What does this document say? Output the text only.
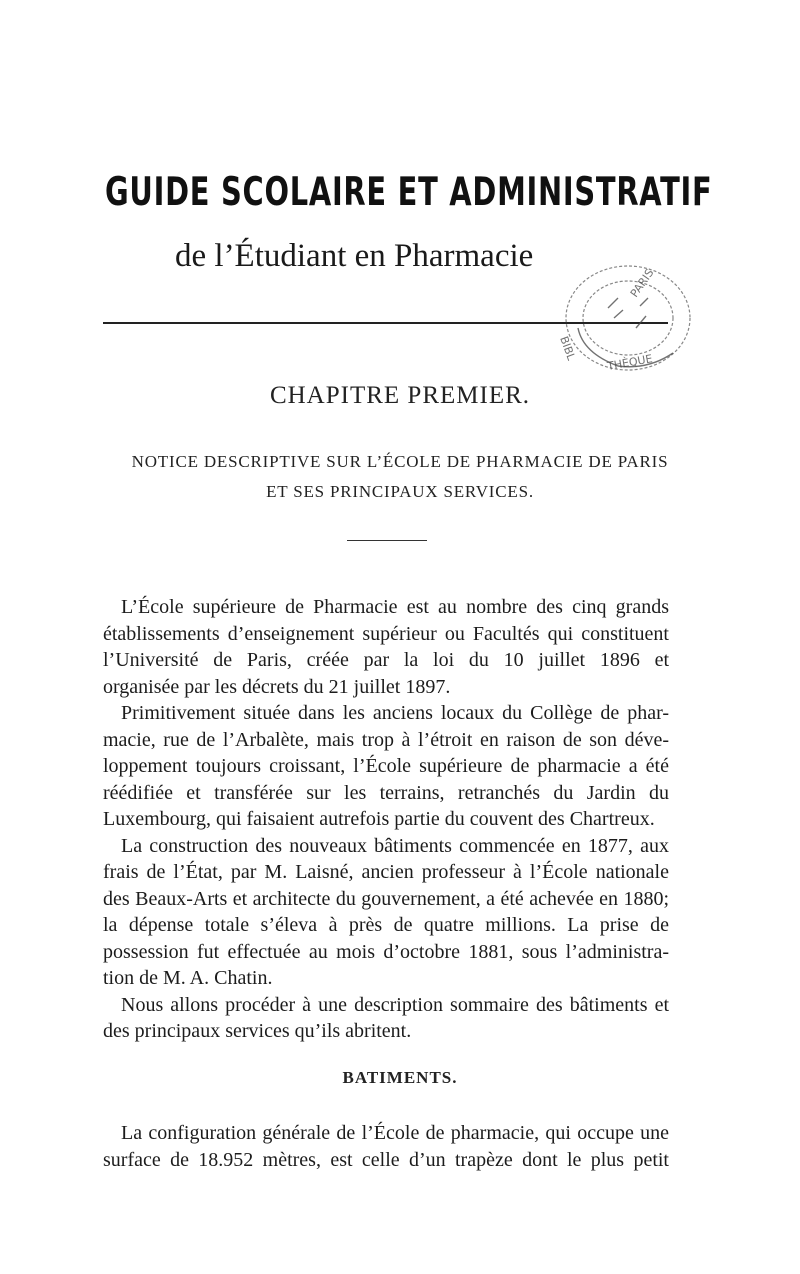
GUIDE SCOLAIRE ET ADMINISTRATIF
de l’Étudiant en Pharmacie
PARIS
BIBL
THÈQUE
CHAPITRE PREMIER.
NOTICE DESCRIPTIVE SUR L’ÉCOLE DE PHARMACIE DE PARIS
ET SES PRINCIPAUX SERVICES.
L’École supérieure de Pharmacie est au nombre des cinq grands
établissements d’enseignement supérieur ou Facultés qui constituent
l’Université de Paris, créée par la loi du 10 juillet 1896 et
organisée par les décrets du 21 juillet 1897.
Primitivement située dans les anciens locaux du Collège de phar-
macie, rue de l’Arbalète, mais trop à l’étroit en raison de son déve-
loppement toujours croissant, l’École supérieure de pharmacie a été
réédifiée et transférée sur les terrains, retranchés du Jardin du
Luxembourg, qui faisaient autrefois partie du couvent des Chartreux.
La construction des nouveaux bâtiments commencée en 1877, aux
frais de l’État, par M. Laisné, ancien professeur à l’École nationale
des Beaux-Arts et architecte du gouvernement, a été achevée en 1880;
la dépense totale s’éleva à près de quatre millions. La prise de
possession fut effectuée au mois d’octobre 1881, sous l’administra-
tion de M. A. Chatin.
Nous allons procéder à une description sommaire des bâtiments et
des principaux services qu’ils abritent.
BATIMENTS.
La configuration générale de l’École de pharmacie, qui occupe une
surface de 18.952 mètres, est celle d’un trapèze dont le plus petit
